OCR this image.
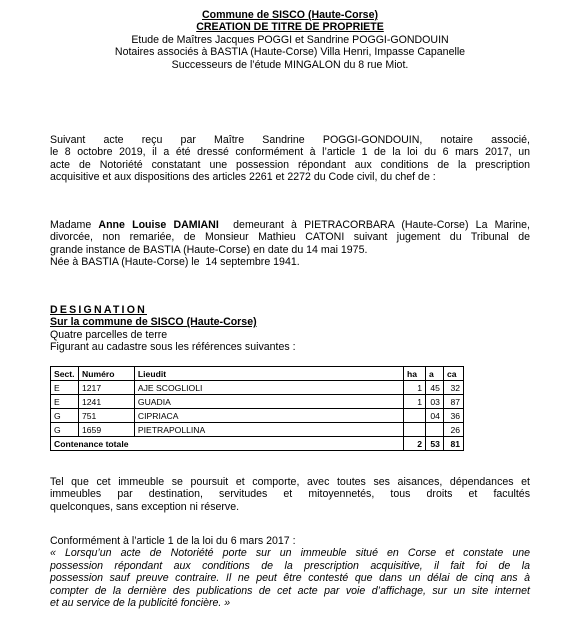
Commune de SISCO (Haute-Corse)
CREATION DE TITRE DE PROPRIETE
Etude de Maîtres Jacques POGGI et Sandrine POGGI-GONDOUIN
Notaires associés à BASTIA (Haute-Corse) Villa Henri, Impasse Capanelle
Successeurs de l’étude MINGALON du 8 rue Miot.
Suivant acte reçu par Maître Sandrine POGGI-GONDOUIN, notaire associé,
le 8 octobre 2019, il a été dressé conformément à l’article 1 de la loi du 6 mars 2017, un
acte de Notoriété constatant une possession répondant aux conditions de la prescription
acquisitive et aux dispositions des articles 2261 et 2272 du Code civil, du chef de :
Madame Anne Louise DAMIANI  demeurant à PIETRACORBARA (Haute-Corse) La Marine,
divorcée, non remariée, de Monsieur Mathieu CATONI suivant jugement du Tribunal de
grande instance de BASTIA (Haute-Corse) en date du 14 mai 1975.
Née à BASTIA (Haute-Corse) le  14 septembre 1941.
DESIGNATION
Sur la commune de SISCO (Haute-Corse)
Quatre parcelles de terre
Figurant au cadastre sous les références suivantes :
Sect.	Numéro	Lieudit	ha	a	ca
E	1217	AJE SCOGLIOLI	1	45	32
E	1241	GUADIA	1	03	87
G	751	CIPRIACA		04	36
G	1659	PIETRAPOLLINA			26
Contenance totale			2	53	81
Tel que cet immeuble se poursuit et comporte, avec toutes ses aisances, dépendances et
immeubles par destination, servitudes et mitoyennetés, tous droits et facultés
quelconques, sans exception ni réserve.
Conformément à l’article 1 de la loi du 6 mars 2017 :
« Lorsqu’un acte de Notoriété porte sur un immeuble situé en Corse et constate une
possession répondant aux conditions de la prescription acquisitive, il fait foi de la
possession sauf preuve contraire. Il ne peut être contesté que dans un délai de cinq ans à
compter de la dernière des publications de cet acte par voie d’affichage, sur un site internet
et au service de la publicité foncière. »
